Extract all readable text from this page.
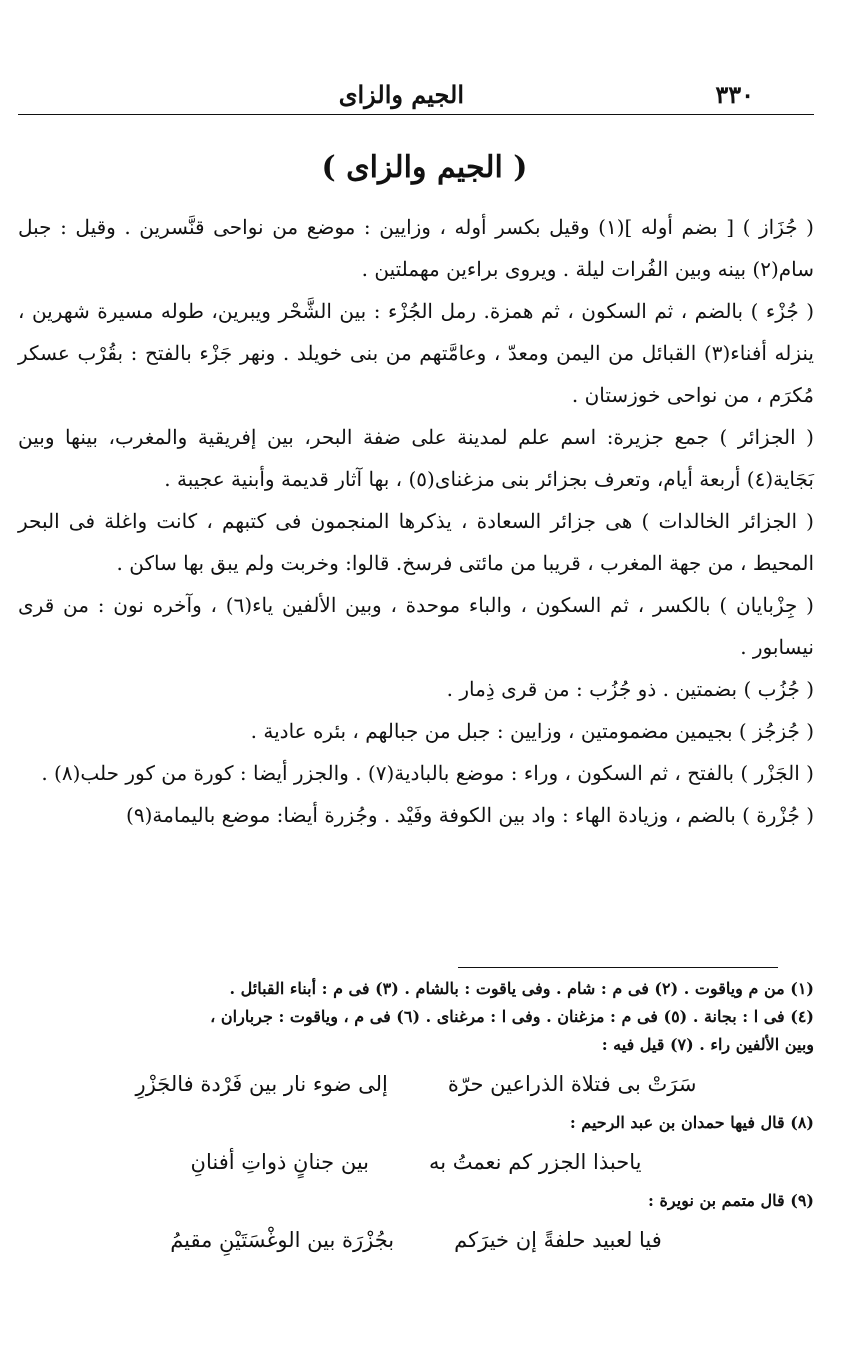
٣٣٠
الجيم والزاى
( الجيم والزاى )

( جُزَاز ) [ بضم أوله ](١) وقيل بكسر أوله ، وزايين : موضع من نواحى قنَّسرين . وقيل : جبل سام(٢) بينه وبين الفُرات ليلة . ويروى براءين مهملتين .

( جُزْء ) بالضم ، ثم السكون ، ثم همزة. رمل الجُزْء : بين الشَّحْر ويبرين، طوله مسيرة شهرين ، ينزله أفناء(٣) القبائل من اليمن ومعدّ ، وعامَّتهم من بنى خويلد . ونهر جَزْء بالفتح : بقُرْب عسكر مُكرَم ، من نواحى خوزستان .

( الجزائر ) جمع جزيرة: اسم علم لمدينة على ضفة البحر، بين إفريقية والمغرب، بينها وبين بَجَاية(٤) أربعة أيام، وتعرف بجزائر بنى مزغناى(٥) ، بها آثار قديمة وأبنية عجيبة .

( الجزائر الخالدات ) هى جزائر السعادة ، يذكرها المنجمون فى كتبهم ، كانت واغلة فى البحر المحيط ، من جهة المغرب ، قريبا من مائتى فرسخ. قالوا: وخربت ولم يبق بها ساكن .

( جِزْبايان ) بالكسر ، ثم السكون ، والباء موحدة ، وبين الألفين ياء(٦) ، وآخره نون : من قرى نيسابور .

( جُزُب ) بضمتين . ذو جُزُب : من قرى ذِمار .

( جُزجُز ) بجيمين مضمومتين ، وزايين : جبل من جبالهم ، بئره عادية .

( الجَزْر ) بالفتح ، ثم السكون ، وراء : موضع بالبادية(٧) . والجزر أيضا : كورة من كور حلب(٨) .

( جُزْرة ) بالضم ، وزيادة الهاء : واد بين الكوفة وفَيْد . وجُزرة أيضا: موضع باليمامة(٩)

(١) من م وياقوت . (٢) فى م : شام . وفى ياقوت : بالشام . (٣) فى م : أبناء القبائل .
(٤) فى ا : بجانة . (٥) فى م : مزغنان . وفى ا : مرغناى . (٦) فى م ، وياقوت : جرباران ،
وبين الألفين راء . (٧) قيل فيه :
سَرَتْ بى فتلاة الذراعين حرّة
إلى ضوء نار بين فَرْدة فالجَزْرِ
(٨) قال فيها حمدان بن عبد الرحيم :
ياحبذا الجزر كم نعمتُ به
بين جنانٍ ذواتِ أفنانِ
(٩) قال متمم بن نويرة :
فيا لعبيد حلفةً إن خيرَكم
بجُزْرَة بين الوغْسَتَيْنِ مقيمُ
